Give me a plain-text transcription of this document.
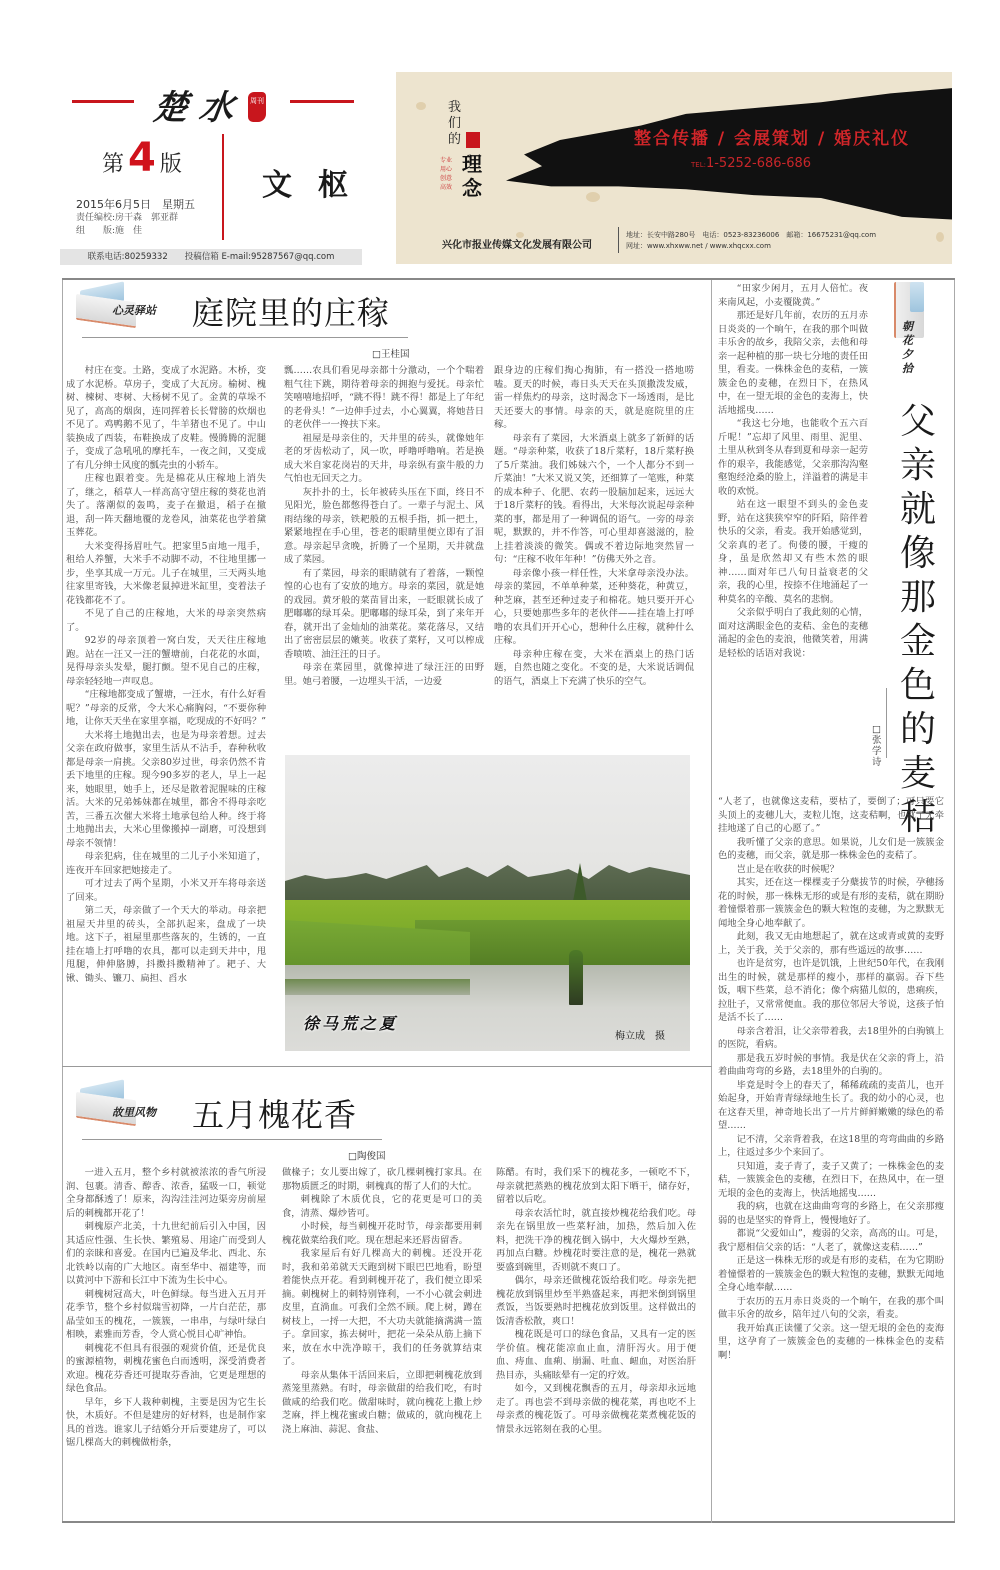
楚水 周刊
第 4 版
文枢
2015年6月5日　星期五
责任编校:房干森　郭亚群
组　　版:施　佳
联系电话:80259332　　投稿信箱 E-mail:95287567@qq.com
我们的
理念
专业 用心 创意 高效
整合传播 / 会展策划 / 婚庆礼仪
TEL:1-5252-686-686
兴化市报业传媒文化发展有限公司
地址：长安中路280号　电话：0523-83236006　邮箱：16675231@qq.com
网址：www.xhxww.net / www.xhqcxx.com
心灵驿站 庭院里的庄稼
□王桂国

村庄在变。土路，变成了水泥路。木桥，变成了水泥桥。草房子，变成了大瓦房。榆树、槐树、楝树、枣树、大杨树不见了。金黄的草垛不见了，高高的烟囱，连同挥着长长臂膀的炊烟也不见了。鸡鸭鹅不见了，牛羊猪也不见了。中山装换成了西装，布鞋换成了皮鞋。慢腾腾的泥腿子，变成了急吼吼的摩托车，一夜之间，又变成了有几分绅士风度的瓢壳虫的小轿车。

庄稼也跟着变。先是棉花从庄稼地上消失了，继之，稻草人一样高高守望庄稼的葵花也消失了。落潮似的轰鸣，麦子在撤退，稻子在撤退，刮一阵天翻地覆的龙卷风，油菜花也学着黛玉葬花。

大米变得扬眉吐气。把家里5亩地一甩手，租给人养蟹，大米手不动脚不动，不往地里挪一步，坐享其成一万元。儿子在城里，三天两头地往家里寄钱，大米像老鼠掉进米缸里，变着法子花钱都花不了。

不见了自己的庄稼地，大米的母亲突然病了。

92岁的母亲顶着一窝白发，天天往庄稼地跑。站在一汪又一汪的蟹塘前，白花花的水面，晃得母亲头发晕，腿打颤。望不见自己的庄稼，母亲轻轻地一声叹息。

“庄稼地都变成了蟹塘，一汪水，有什么好看呢？”母亲的反常，令大米心痛胸闷，“不要你种地，让你天天坐在家里享福，吃现成的不好吗？”

大米将土地抛出去，也是为母亲着想。过去父亲在政府做事，家里生活从不沾手，春种秋收都是母亲一肩挑。父亲80岁过世，母亲仍然不肯丢下地里的庄稼。现今90多岁的老人，早上一起来，她眼里，她手上，还尽是散着泥腥味的庄稼活。大米的兄弟姊妹都在城里，都舍不得母亲吃苦，三番五次催大米将土地承包给人种。终于将土地抛出去，大米心里像搬掉一副磨，可没想到母亲不领情！

母亲犯病，住在城里的二儿子小米知道了，连夜开车回家把她接走了。

可才过去了两个星期，小米又开车将母亲送了回来。

第二天，母亲做了一个天大的举动。母亲把祖屋天井里的砖头，全部扒起来，盘成了一块地。这下子，祖屋里那些落灰的，生锈的，一直挂在墙上打呼噜的农具，都可以走到天井中，甩甩腿，伸伸胳膊，抖擞抖擞精神了。耙子、大锹、锄头、镰刀、扁担、舀水

瓢……农具们看见母亲都十分激动，一个个喘着粗气往下跳，期待着母亲的拥抱与爱抚。母亲忙笑嘻嘻地招呼，“跳不得！跳不得！都是上了年纪的老骨头！”一边伸手过去，小心翼翼，将她昔日的老伙伴一一搀扶下来。

祖屋是母亲住的，天井里的砖头，就像她年老的牙齿松动了，风一吹，呼噜呼噜响。若是换成大米自家花岗岩的天井，母亲纵有蛮牛般的力气怕也无回天之力。

灰扑扑的土，长年被砖头压在下面，终日不见阳光，脸色都憋得苍白了。一辈子与泥土、风雨结缘的母亲，铁耙般的五根手指，抓一把土，紧紧地捏在手心里，苍老的眼睛里便立即有了泪意。母亲起早贪晚，折腾了一个星期，天井就盘成了菜园。

有了菜园，母亲的眼睛就有了着落，一颗惶惶的心也有了安放的地方。母亲的菜园，就是她的戏园。黄牙般的菜苗冒出来，一眨眼就长成了肥嘟嘟的绿耳朵。肥嘟嘟的绿耳朵，到了来年开春，就开出了金灿灿的油菜花。菜花落尽，又结出了密密层层的嫩荚。收获了菜籽，又可以榨成香喷喷、油汪汪的日子。

母亲在菜园里，就像掉进了绿汪汪的田野里。她弓着腰，一边埋头干活，一边爱

跟身边的庄稼们掏心掏肺，有一搭没一搭地唠嗑。夏天的时候，毒日头天天在头顶撒泼发威，雷一样焦灼的母亲，这时渴念下一场透雨，是比天还要大的事情。母亲的天，就是庭院里的庄稼。

母亲有了菜园，大米酒桌上就多了新鲜的话题。“母亲种菜，收获了18斤菜籽，18斤菜籽换了5斤菜油。我们姊妹六个，一个人都分不到一斤菜油！”大米又说又笑，还细算了一笔账，种菜的成本种子、化肥、农药一股脑加起来，远远大于18斤菜籽的钱。看得出，大米每次说起母亲种菜的事，都是用了一种调侃的语气。一旁的母亲呢，默默的，并不作答，可心里却喜滋滋的，脸上挂着淡淡的微笑。偶或不着边际地突然冒一句：“庄稼不收年年种！”仿佛天外之音。

母亲像小孩一样任性，大米拿母亲没办法。母亲的菜园，不单单种菜，还种葵花，种黄豆，种芝麻，甚至还种过麦子和棉花。她只要开开心心，只要她那些多年的老伙伴——挂在墙上打呼噜的农具们开开心心，想种什么庄稼，就种什么庄稼。

母亲种庄稼在变，大米在酒桌上的热门话题，自然也随之变化。不变的是，大米说话调侃的语气，酒桌上下充满了快乐的空气。

徐马荒之夏
梅立成　摄
故里风物 五月槐花香
□陶俊国

一进入五月，整个乡村就被浓浓的香气所浸润、包裹。清香、醇香、浓香，猛吸一口，顿觉全身都酥透了！原来，沟沟洼洼河边渠旁房前屋后的刺槐都开花了！

刺槐原产北美，十九世纪前后引入中国，因其适应性强、生长快、繁殖易、用途广而受到人们的亲睐和喜爱。在国内已遍及华北、西北、东北铁岭以南的广大地区。南至华中、福建等，而以黄河中下游和长江中下流为生长中心。

刺槐树冠高大，叶色鲜绿。每当进入五月开花季节，整个乡村似瑞雪初降，一片白茫茫，那晶莹如玉的槐花，一簇簇，一串串，与绿叶绿白相映，素雅而芳香，令人赏心悦目心旷神怡。

刺槐花不但具有很强的观赏价值，还是优良的蜜源植物，刺槐花蜜色白而透明，深受消费者欢迎。槐花芬香还可提取芬香油，它更是理想的绿色食品。

早年，乡下人栽种刺槐，主要是因为它生长快，木质好。不但是建房的好材料，也是制作家具的首选。谁家儿子结婚分开后要建房了，可以锯几棵高大的刺槐做桁条，

做椽子；女儿要出嫁了，砍几棵刺槐打家具。在那物质匮乏的时期，刺槐真的帮了人们的大忙。

刺槐除了木质优良，它的花更是可口的美食，清蒸、爆炒皆可。

小时候，每当刺槐开花时节，母亲都要用刺槐花做菜给我们吃。现在想起来还唇齿留香。

我家屋后有好几棵高大的刺槐。还没开花时，我和弟弟就天天跑到树下眼巴巴地看，盼望着能快点开花。看到刺槐开花了，我们便立即采摘。刺槐树上的刺特别锋利，一不小心就会刺进皮里，直淌血。可我们全然不顾。爬上树，蹲在树枝上，一捋一大把，不大功夫就能摘满满一篮子。拿回家，拣去树叶，把花一朵朵从筋上摘下来，放在水中洗净晾干，我们的任务就算结束了。

母亲从集体干活回来后，立即把刺槐花放到蒸笼里蒸熟。有时，母亲做甜的给我们吃，有时做咸的给我们吃。做甜味时，就向槐花上撒上炒芝麻，拌上槐花蜜或白糖；做咸的，就向槐花上浇上麻油、蒜泥、食盐、

陈醋。有时，我们采下的槐花多，一顿吃不下，母亲就把蒸熟的槐花放到太阳下晒干，储存好，留着以后吃。

母亲农活忙时，就直接炒槐花给我们吃。母亲先在锅里放一些菜籽油，加热，然后加入佐料，把洗干净的槐花倒入锅中，大火爆炒至熟，再加点白糖。炒槐花时要注意的是，槐花一熟就要盛到碗里，否则就不爽口了。

偶尔，母亲还做槐花饭给我们吃。母亲先把槐花放到锅里炒至半熟盛起来，再把米倒到锅里煮饭，当饭要熟时把槐花放到饭里。这样做出的饭清香松散，爽口！

槐花既是可口的绿色食品，又具有一定的医学价值。槐花能凉血止血，清肝泻火。用于便血、痔血、血痢、崩漏、吐血、衄血，对医治肝热目赤，头痛眩晕有一定的疗效。

如今，又到槐花飘香的五月，母亲却永远地走了。再也尝不到母亲做的槐花菜，再也吃不上母亲煮的槐花饭了。可母亲做槐花菜煮槐花饭的情景永远铭刻在我的心里。

朝花夕拾
父亲就像那金色的麦秸
□张学诗

“田家少闲月，五月人倍忙。夜来南风起，小麦覆陇黄。”

那还是好几年前，农历的五月赤日炎炎的一个晌午，在我的那个叫做丰乐舍的故乡，我陪父亲，去他和母亲一起种植的那一块七分地的责任田里，看麦。一株株金色的麦秸，一簇簇金色的麦穗，在烈日下，在热风中，在一望无垠的金色的麦海上，快活地摇曳……

“我这七分地，也能收个五六百斤呢！”忘却了风里、雨里、泥里、土里从秋到冬从春到夏和母亲一起劳作的艰辛，我能感觉，父亲那沟沟壑壑饱经沧桑的脸上，洋溢着的满是丰收的欢悦。

站在这一眼望不到头的金色麦野，站在这狭狭窄窄的阡陌，陪伴着快乐的父亲，看麦。我开始感觉到，父亲真的老了。佝偻的腰，干瘦的身，虽是欣然却又有些木然的眼神……面对年已八旬日益衰老的父亲，我的心里，按捺不住地涌起了一种莫名的辛酸、莫名的悲悯。

父亲似乎明白了我此刻的心情，面对这满眼金色的麦秸、金色的麦穗涌起的金色的麦浪，他微笑着，用满是轻松的话语对我说：

“人老了，也就像这麦秸，要枯了，要倒了；可只要它头顶上的麦穗儿大，麦粒儿饱，这麦秸啊，也就了无牵挂地遂了自己的心愿了。”

我听懂了父亲的意思。如果说，儿女们是一簇簇金色的麦穗，而父亲，就是那一株株金色的麦秸了。

岂止是在收获的时候呢？

其实，还在这一棵棵麦子分蘖拔节的时候，孕穗扬花的时候，那一株株无形的或是有形的麦秸，就在期盼着憧憬着那一簇簇金色的颗大粒饱的麦穗，为之默默无闻地全身心地奉献了。

此刻，我又无由地想起了，就在这或青或黄的麦野上，关于我，关于父亲的，那有些遥远的故事……

也许是贫穷，也许是饥饿，上世纪50年代，在我刚出生的时候，就是那样的瘦小，那样的羸弱。吞下些饭，咽下些菜，总不消化；像个病猫儿似的，患痢疾，拉肚子，又常常便血。我的那位邻居大爷说，这孩子怕是活不长了……

母亲含着泪，让父亲带着我，去18里外的白驹镇上的医院，看病。

那是我五岁时候的事情。我是伏在父亲的背上，沿着曲曲弯弯的乡路，去18里外的白驹的。

毕竟是时令上的春天了，稀稀疏疏的麦苗儿，也开始起身，开始青青绿绿地生长了。我的幼小的心灵，也在这春天里，神奇地长出了一片片鲜鲜嫩嫩的绿色的希望……

记不清，父亲背着我，在这18里的弯弯曲曲的乡路上，往返过多少个来回了。

只知道，麦子青了，麦子又黄了；一株株金色的麦秸，一簇簇金色的麦穗，在烈日下，在热风中，在一望无垠的金色的麦海上，快活地摇曳……

我的病，也就在这曲曲弯弯的乡路上，在父亲那瘦弱的也是坚实的脊背上，慢慢地好了。

都说“父爱如山”，瘦弱的父亲，高高的山。可是，我宁愿相信父亲的话：“人老了，就像这麦秸……”

正是这一株株无形的或是有形的麦秸，在为它期盼着憧憬着的一簇簇金色的颗大粒饱的麦穗，默默无闻地全身心地奉献……

于农历的五月赤日炎炎的一个晌午，在我的那个叫做丰乐舍的故乡，陪年过八旬的父亲，看麦。

我开始真正读懂了父亲。这一望无垠的金色的麦海里，这孕育了一簇簇金色的麦穗的一株株金色的麦秸啊！
